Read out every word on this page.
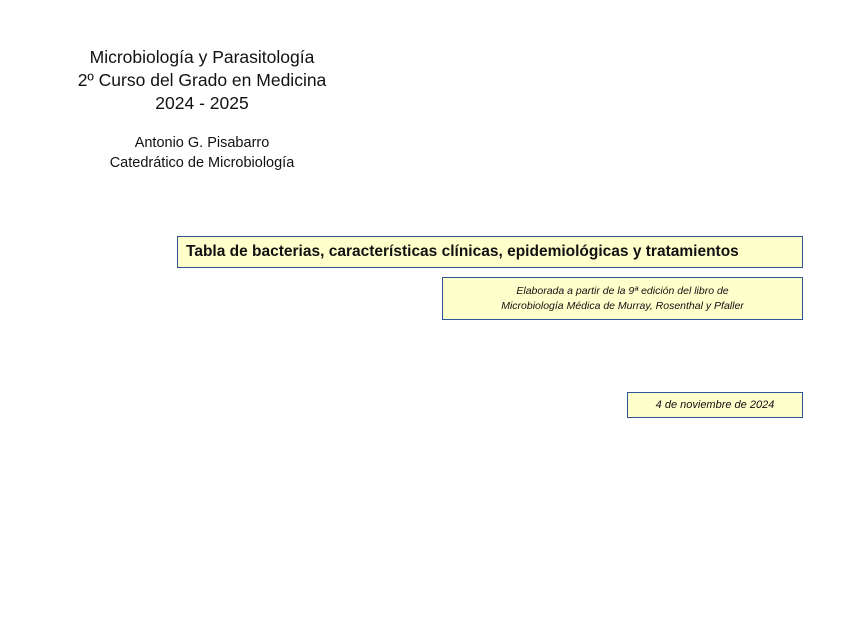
Microbiología y Parasitología
2º Curso del Grado en Medicina
2024 - 2025
Antonio G. Pisabarro
Catedrático de Microbiología
Tabla de bacterias, características clínicas, epidemiológicas y tratamientos
Elaborada a partir de la 9ª edición del libro de
Microbiología Médica de Murray, Rosenthal y Pfaller
4 de noviembre de 2024
